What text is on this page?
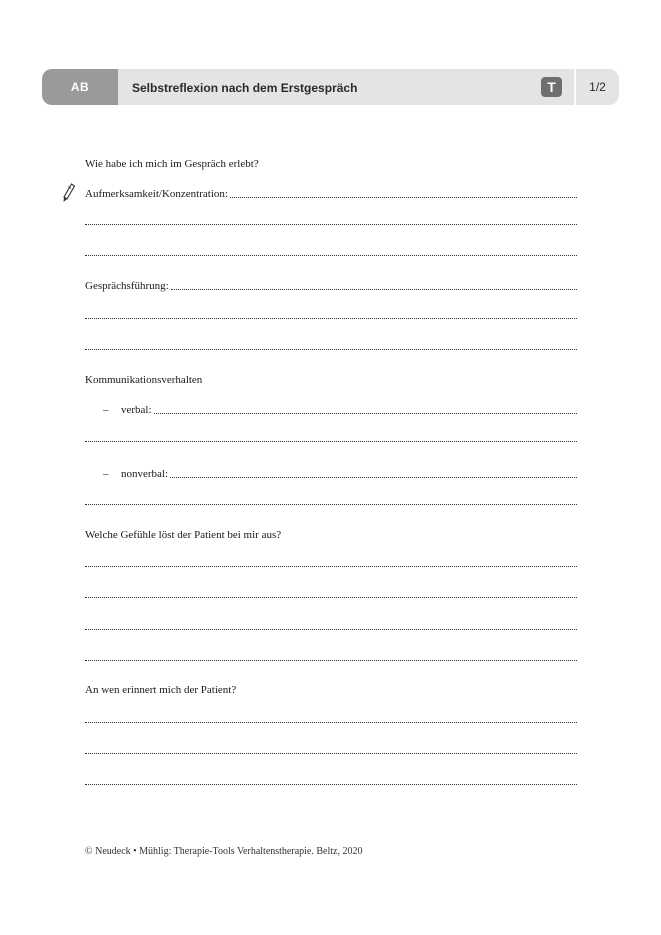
AB	Selbstreflexion nach dem Erstgespräch	T	1/2
Wie habe ich mich im Gespräch erlebt?
Aufmerksamkeit/Konzentration:
Gesprächsführung:
Kommunikationsverhalten
–	verbal:
–	nonverbal:
Welche Gefühle löst der Patient bei mir aus?
An wen erinnert mich der Patient?
© Neudeck • Mühlig: Therapie-Tools Verhaltenstherapie. Beltz, 2020
